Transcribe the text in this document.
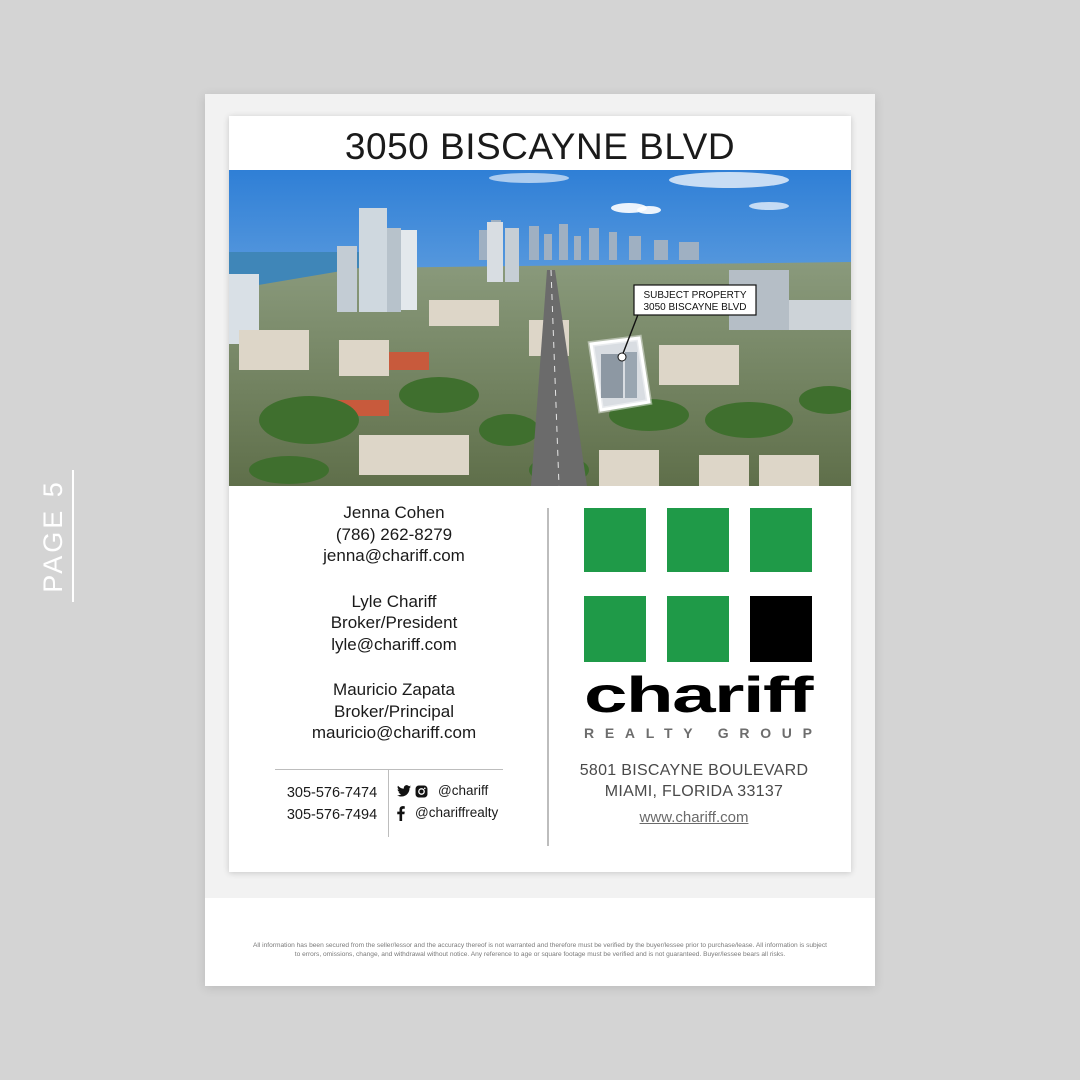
PAGE 5
3050 BISCAYNE BLVD
SUBJECT PROPERTY
3050 BISCAYNE BLVD
Jenna Cohen
(786) 262-8279
jenna@chariff.com
Lyle Chariff
Broker/President
lyle@chariff.com
Mauricio Zapata
Broker/Principal
mauricio@chariff.com
305-576-7474
305-576-7494
@chariff
@chariffrealty
chariff
REALTY GROUP
5801 BISCAYNE BOULEVARD
MIAMI, FLORIDA 33137
www.chariff.com
All information has been secured from the seller/lessor and the accuracy thereof is not warranted and therefore must be verified by the buyer/lessee prior to purchase/lease. All information is subject to errors, omissions, change, and withdrawal without notice. Any reference to age or square footage must be verified and is not guaranteed. Buyer/lessee bears all risks.
